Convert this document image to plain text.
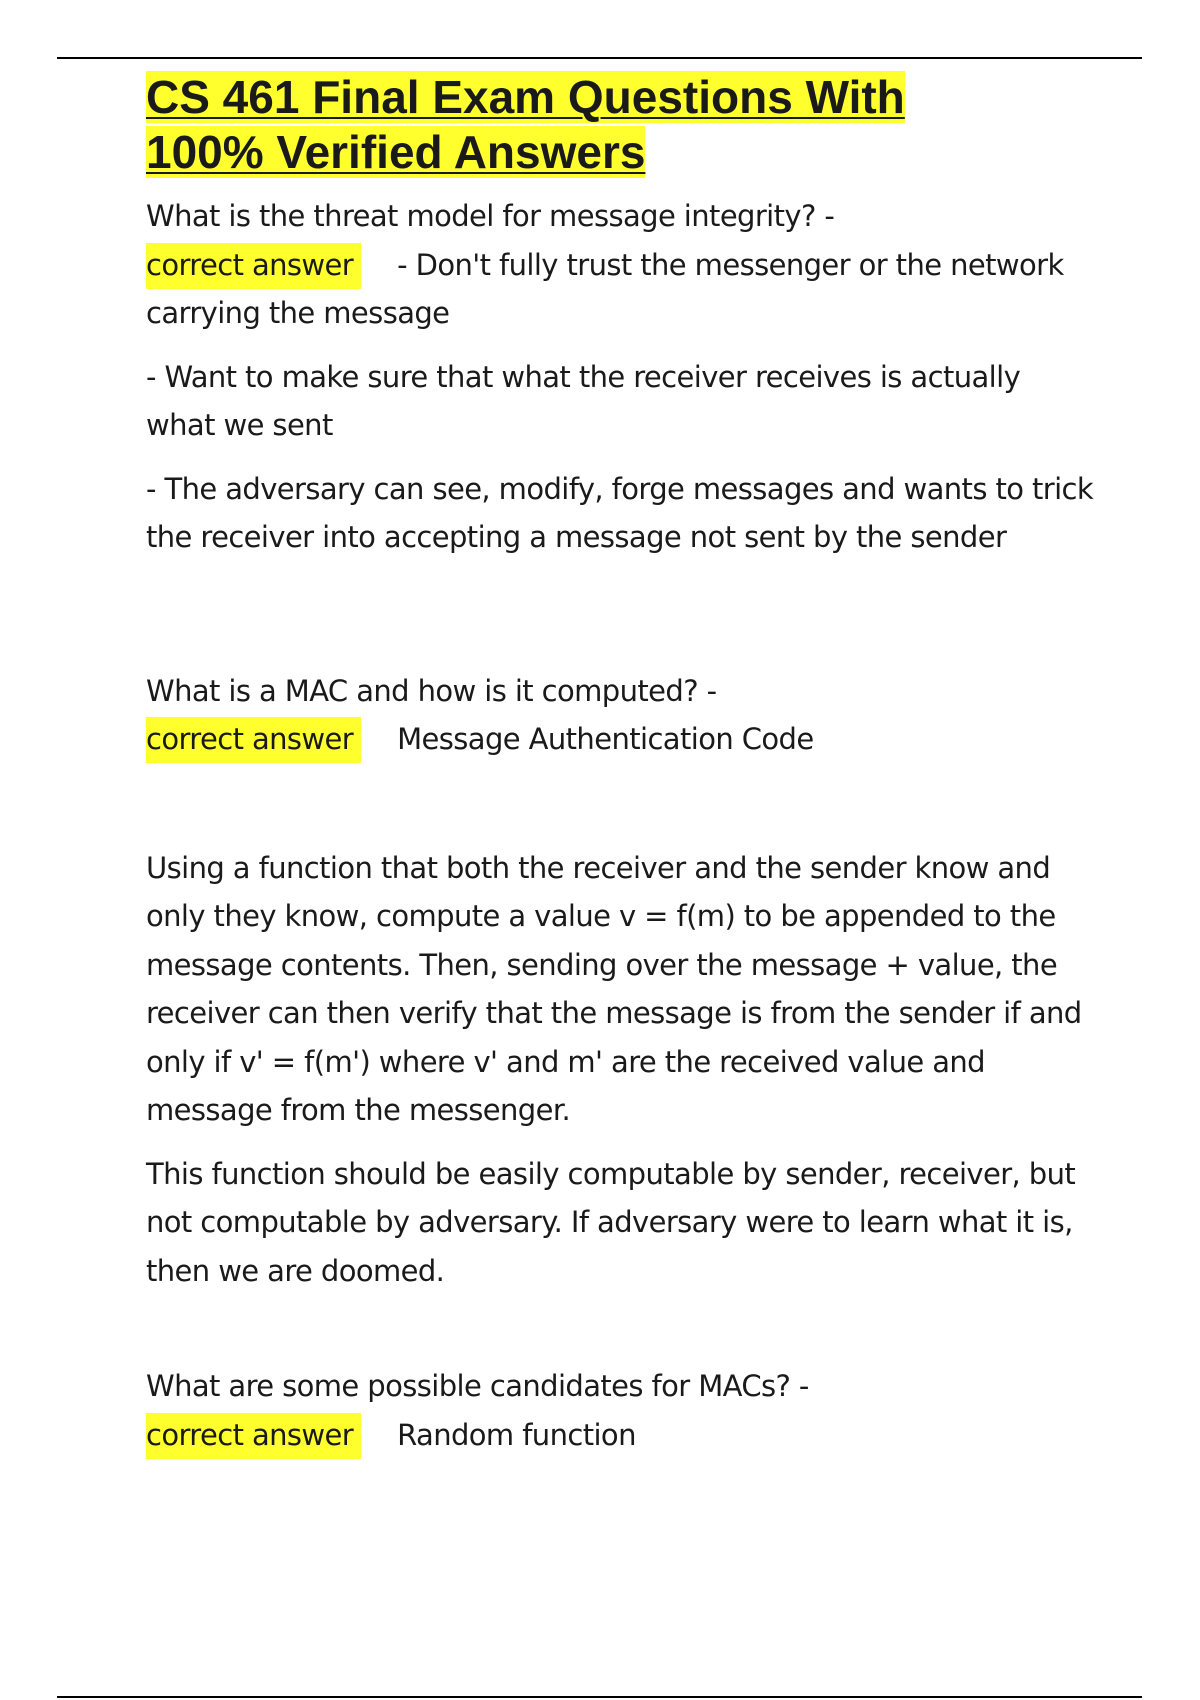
CS 461 Final Exam Questions With
100% Verified Answers

What is the threat model for message integrity? -

correct answer - Don't fully trust the messenger or the network

carrying the message

- Want to make sure that what the receiver receives is actually what we sent

- The adversary can see, modify, forge messages and wants to trick the receiver into accepting a message not sent by the sender

What is a MAC and how is it computed? -

correct answer Message Authentication Code

Using a function that both the receiver and the sender know and only they know, compute a value v = f(m) to be appended to the message contents. Then, sending over the message + value, the receiver can then verify that the message is from the sender if and only if v' = f(m') where v' and m' are the received value and message from the messenger.

This function should be easily computable by sender, receiver, but not computable by adversary. If adversary were to learn what it is, then we are doomed.

What are some possible candidates for MACs? -

correct answer Random function
